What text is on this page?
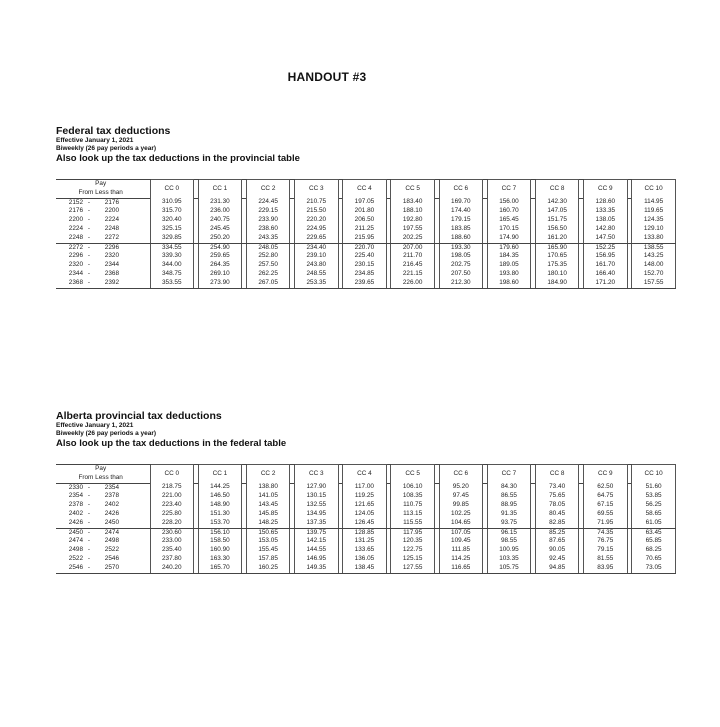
HANDOUT #3
Federal tax deductions
Effective January 1, 2021
Biweekly (26 pay periods a year)
Also look up the tax deductions in the provincial table
Pay		CC 0		CC 1		CC 2		CC 3		CC 4		CC 5		CC 6		CC 7		CC 8		CC 9		CC 10
From Less than																						
2152 - 2176		310.95		231.30		224.45		210.75		197.05		183.40		169.70		156.00		142.30		128.60		114.95
2176 - 2200		315.70		236.00		229.15		215.50		201.80		188.10		174.40		160.70		147.05		133.35		119.65
2200 - 2224		320.40		240.75		233.90		220.20		206.50		192.80		179.15		165.45		151.75		138.05		124.35
2224 - 2248		325.15		245.45		238.60		224.95		211.25		197.55		183.85		170.15		156.50		142.80		129.10
2248 - 2272		329.85		250.20		243.35		229.65		215.95		202.25		188.60		174.90		161.20		147.50		133.80
2272 - 2296		334.55		254.90		248.05		234.40		220.70		207.00		193.30		179.60		165.90		152.25		138.55
2296 - 2320		339.30		259.65		252.80		239.10		225.40		211.70		198.05		184.35		170.65		156.95		143.25
2320 - 2344		344.00		264.35		257.50		243.80		230.15		216.45		202.75		189.05		175.35		161.70		148.00
2344 - 2368		348.75		269.10		262.25		248.55		234.85		221.15		207.50		193.80		180.10		166.40		152.70
2368 - 2392		353.55		273.90		267.05		253.35		239.65		226.00		212.30		198.60		184.90		171.20		157.55
Alberta provincial tax deductions
Effective January 1, 2021
Biweekly (26 pay periods a year)
Also look up the tax deductions in the federal table
Pay		CC 0		CC 1		CC 2		CC 3		CC 4		CC 5		CC 6		CC 7		CC 8		CC 9		CC 10
From Less than																						
2330 - 2354		218.75		144.25		138.80		127.90		117.00		106.10		95.20		84.30		73.40		62.50		51.60
2354 - 2378		221.00		146.50		141.05		130.15		119.25		108.35		97.45		86.55		75.65		64.75		53.85
2378 - 2402		223.40		148.90		143.45		132.55		121.65		110.75		99.85		88.95		78.05		67.15		56.25
2402 - 2426		225.80		151.30		145.85		134.95		124.05		113.15		102.25		91.35		80.45		69.55		58.65
2426 - 2450		228.20		153.70		148.25		137.35		126.45		115.55		104.65		93.75		82.85		71.95		61.05
2450 - 2474		230.60		156.10		150.65		139.75		128.85		117.95		107.05		96.15		85.25		74.35		63.45
2474 - 2498		233.00		158.50		153.05		142.15		131.25		120.35		109.45		98.55		87.65		76.75		65.85
2498 - 2522		235.40		160.90		155.45		144.55		133.65		122.75		111.85		100.95		90.05		79.15		68.25
2522 - 2546		237.80		163.30		157.85		146.95		136.05		125.15		114.25		103.35		92.45		81.55		70.65
2546 - 2570		240.20		165.70		160.25		149.35		138.45		127.55		116.65		105.75		94.85		83.95		73.05
